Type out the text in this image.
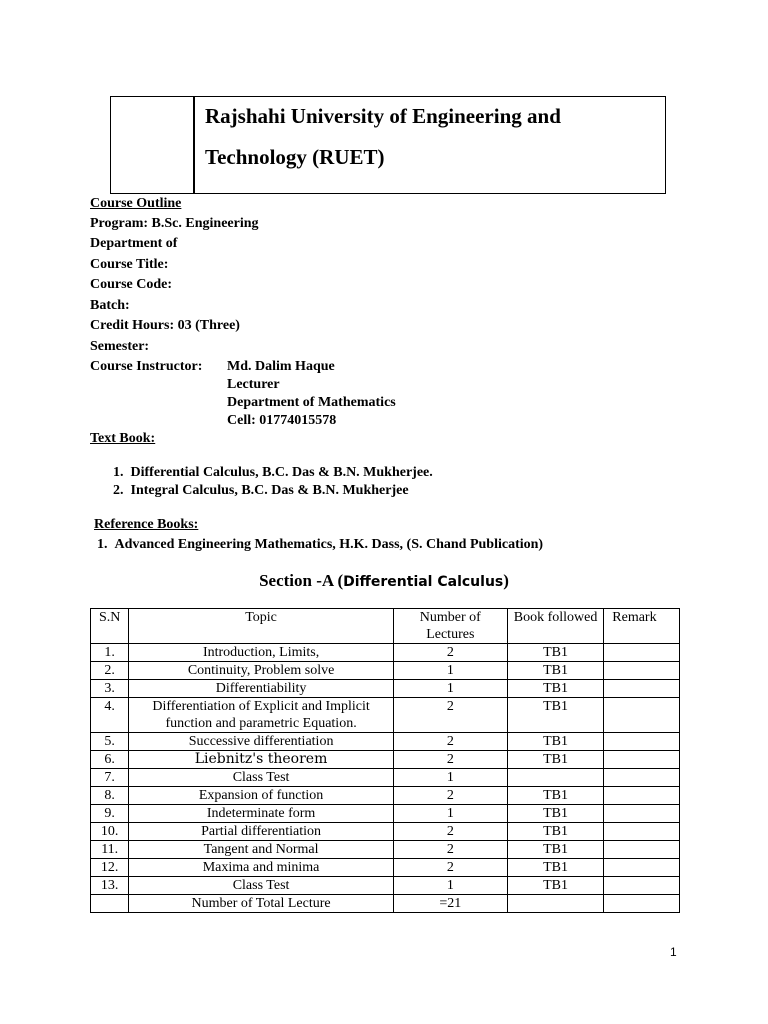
Rajshahi University of Engineering and
Technology (RUET)
Course Outline
Program: B.Sc. Engineering
Department of
Course Title:
Course Code:
Batch:
Credit Hours: 03 (Three)
Semester:
Course Instructor: Md. Dalim Haque
Lecturer
Department of Mathematics
Cell: 01774015578
Text Book:
1.  Differential Calculus, B.C. Das & B.N. Mukherjee.
2.  Integral Calculus, B.C. Das & B.N. Mukherjee
Reference Books:
1.  Advanced Engineering Mathematics, H.K. Dass, (S. Chand Publication)
Section -A (Differential Calculus)
S.N	Topic	Number of Lectures	Book followed	Remark
1.	Introduction, Limits,	2	TB1	
2.	Continuity, Problem solve	1	TB1	
3.	Differentiability	1	TB1	
4.	Differentiation of Explicit and Implicit function and parametric Equation.	2	TB1	
5.	Successive differentiation	2	TB1	
6.	Liebnitz's theorem	2	TB1	
7.	Class Test	1		
8.	Expansion of function	2	TB1	
9.	Indeterminate form	1	TB1	
10.	Partial differentiation	2	TB1	
11.	Tangent and Normal	2	TB1	
12.	Maxima and minima	2	TB1	
13.	Class Test	1	TB1	
	Number of Total Lecture	=21		
1
